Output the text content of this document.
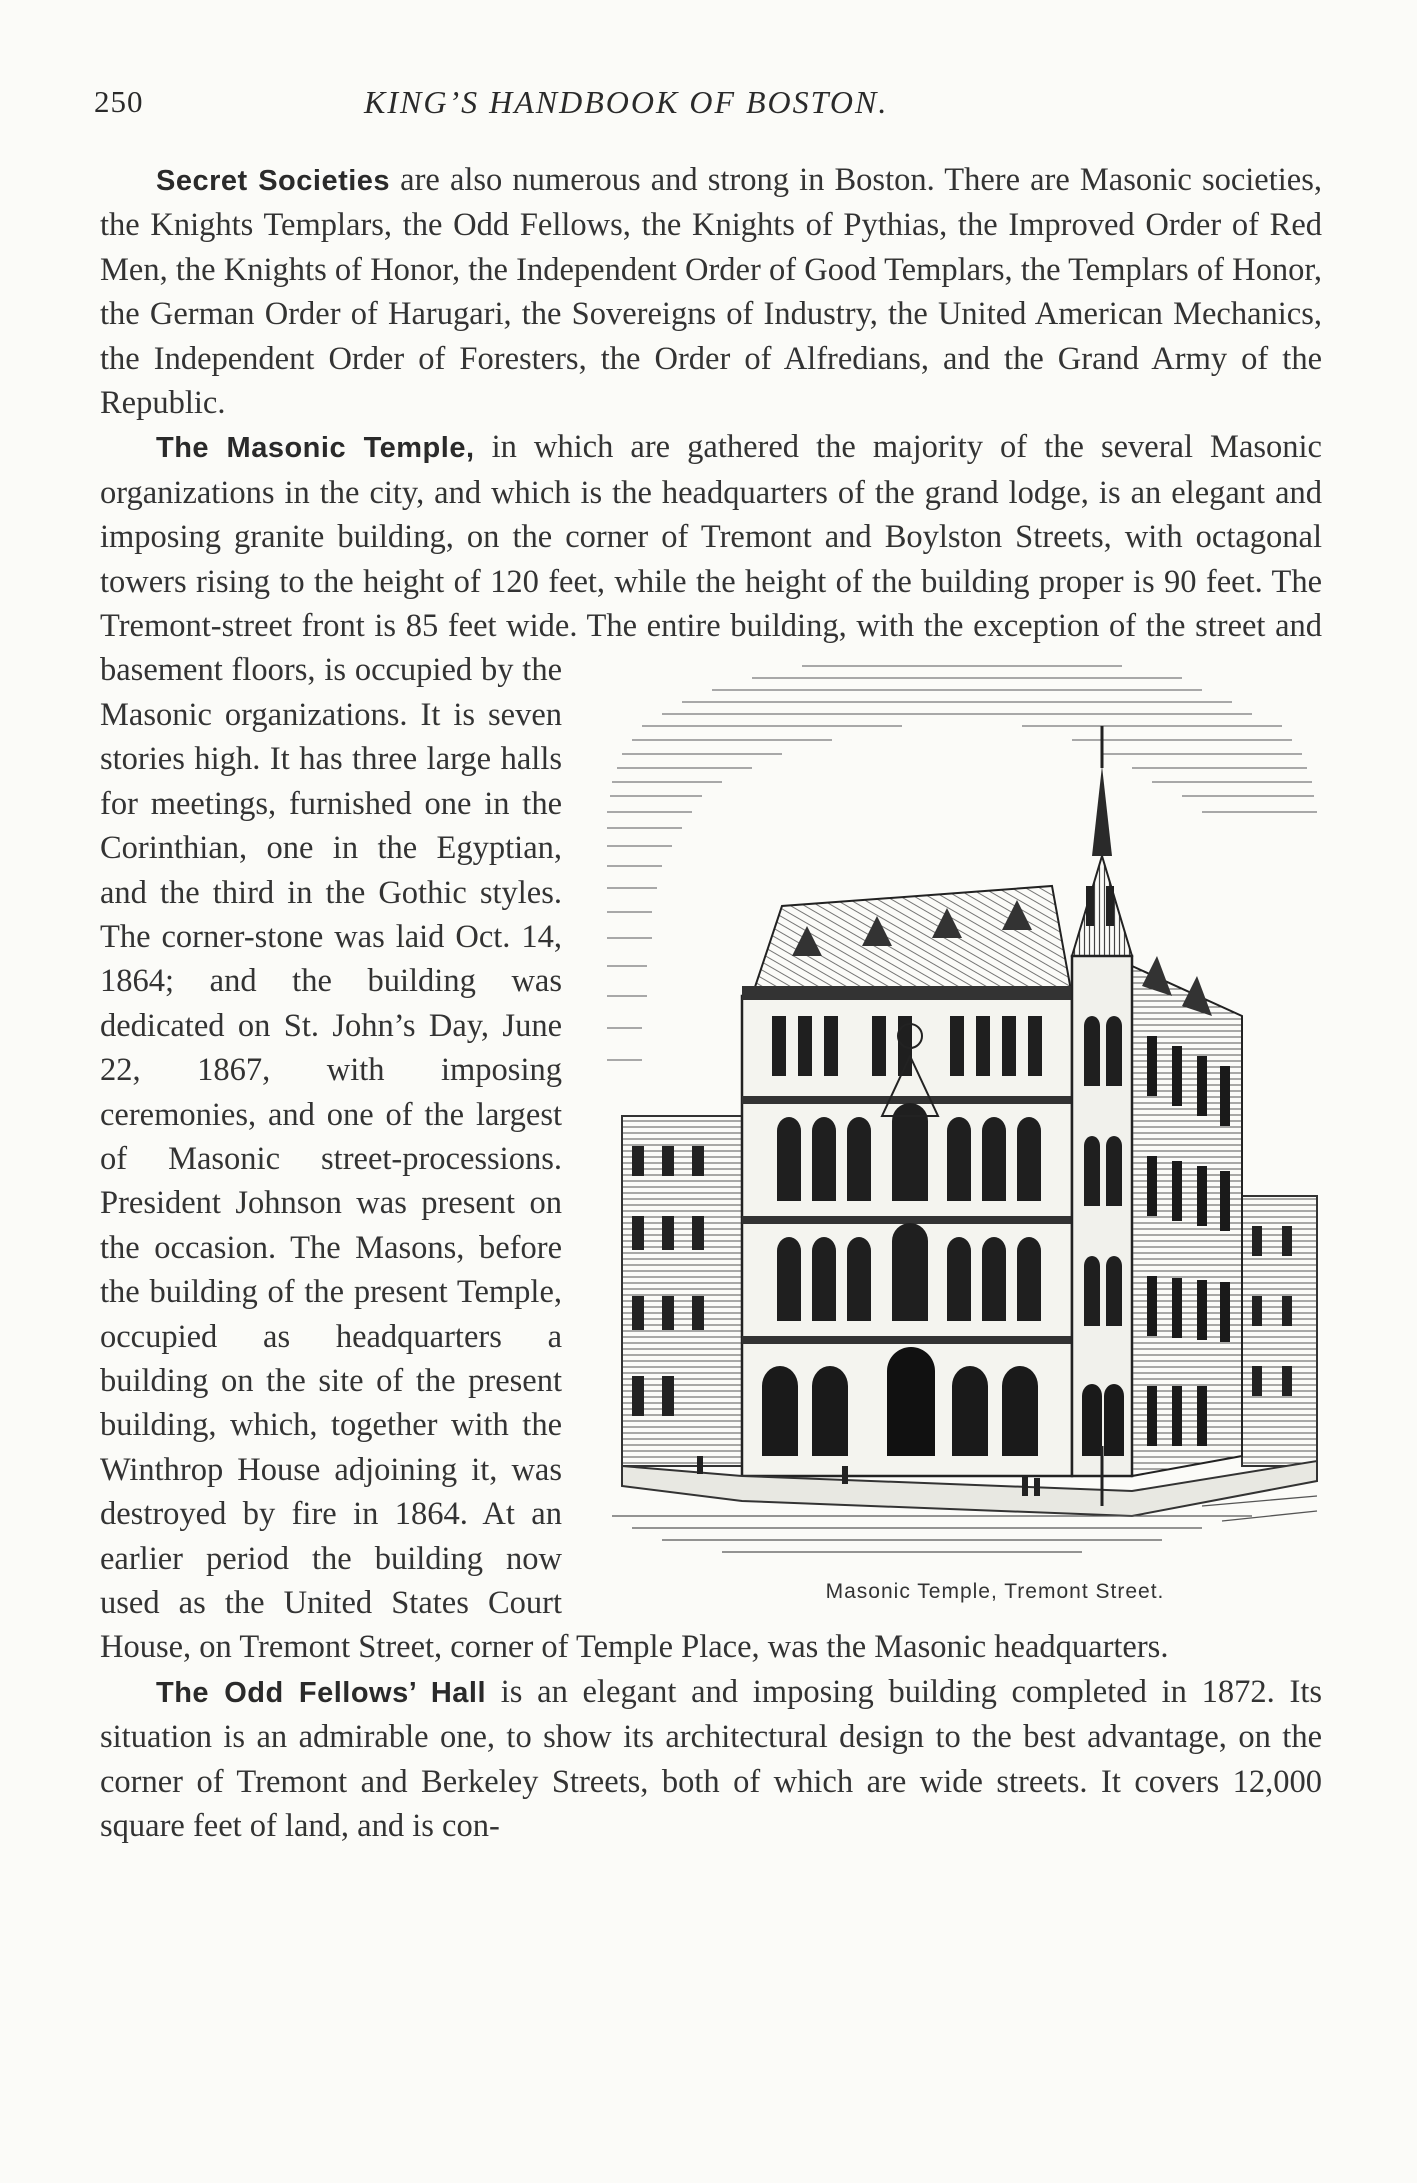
250	KING’S HANDBOOK OF BOSTON.

Secret Societies are also numerous and strong in Boston. There are Masonic societies, the Knights Templars, the Odd Fellows, the Knights of Pythias, the Improved Order of Red Men, the Knights of Honor, the Independent Order of Good Templars, the Templars of Honor, the German Order of Harugari, the Sovereigns of Industry, the United American Mechanics, the Independent Order of Foresters, the Order of Alfredians, and the Grand Army of the Republic.

The Masonic Temple, in which are gathered the majority of the several Masonic organizations in the city, and which is the headquarters of the grand lodge, is an elegant and imposing granite building, on the corner of Tremont and Boylston Streets, with octagonal towers rising to the height of 120 feet, while the height of the building proper is 90 feet. The Tremont-street front is 85 feet wide. The entire building, with the exception of
Masonic Temple, Tremont Street.
the street and basement floors, is occupied by the Masonic organizations. It is seven stories high. It has three large halls for meetings, furnished one in the Corinthian, one in the Egyptian, and the third in the Gothic styles. The corner-stone was laid Oct. 14, 1864; and the building was dedicated on St. John’s Day, June 22, 1867, with imposing ceremonies, and one of the largest of Masonic street-processions. President Johnson was present on the occasion. The Masons, before the building of the present Temple, occupied as headquarters a building on the site of the present building, which, together with the Winthrop House adjoining it, was destroyed by fire in 1864. At an earlier period the building now used as the United States Court House, on Tremont Street, corner of Temple Place, was the Masonic headquarters.

The Odd Fellows’ Hall is an elegant and imposing building completed in 1872. Its situation is an admirable one, to show its architectural design to the best advantage, on the corner of Tremont and Berkeley Streets, both of which are wide streets. It covers 12,000 square feet of land, and is con-
